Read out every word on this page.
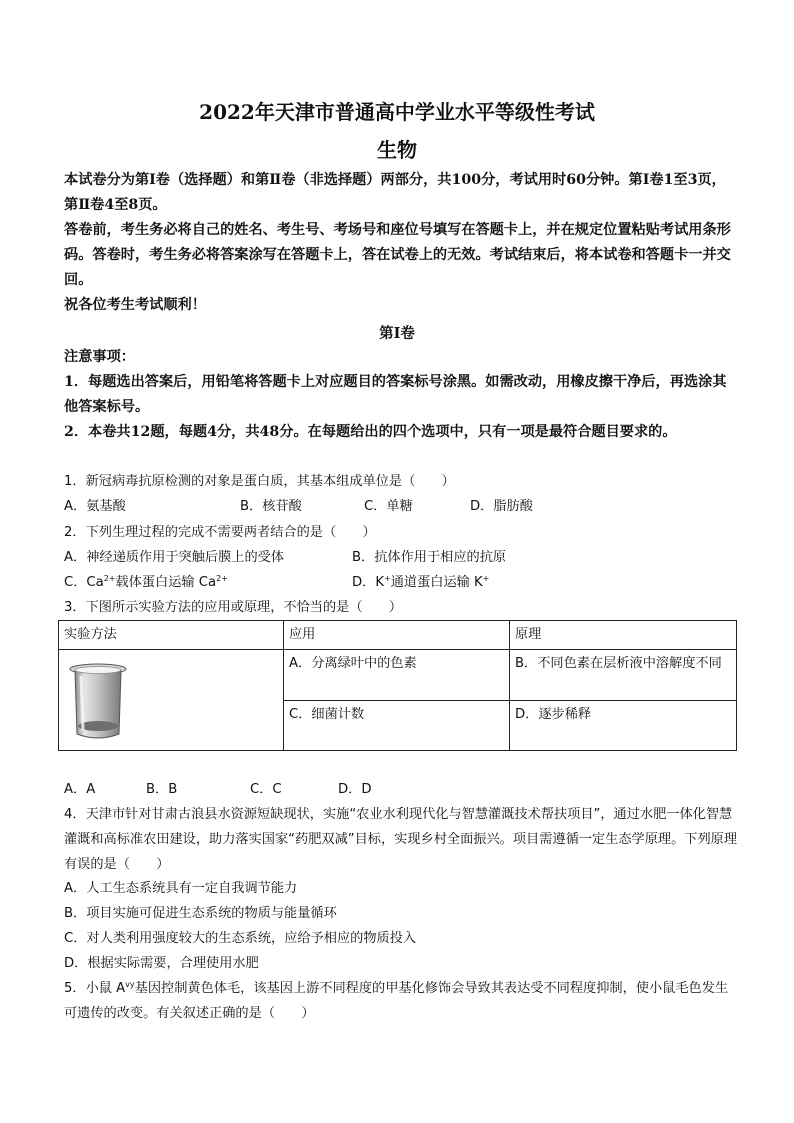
2022年天津市普通高中学业水平等级性考试
生物
本试卷分为第Ⅰ卷（选择题）和第Ⅱ卷（非选择题）两部分，共100分，考试用时60分钟。第Ⅰ卷1至3页，第Ⅱ卷4至8页。
答卷前，考生务必将自己的姓名、考生号、考场号和座位号填写在答题卡上，并在规定位置粘贴考试用条形码。答卷时，考生务必将答案涂写在答题卡上，答在试卷上的无效。考试结束后，将本试卷和答题卡一并交回。
祝各位考生考试顺利！
第Ⅰ卷
注意事项：
1．每题选出答案后，用铅笔将答题卡上对应题目的答案标号涂黑。如需改动，用橡皮擦干净后，再选涂其他答案标号。
2．本卷共12题，每题4分，共48分。在每题给出的四个选项中，只有一项是最符合题目要求的。
1．新冠病毒抗原检测的对象是蛋白质，其基本组成单位是（　　）
A．氨基酸	B．核苷酸	C．单糖	D．脂肪酸
2．下列生理过程的完成不需要两者结合的是（　　）
A．神经递质作用于突触后膜上的受体	B．抗体作用于相应的抗原
C．$Ca^{2+}$载体蛋白运输 $Ca^{2+}$	D．K+通道蛋白运输 K+
3．下图所示实验方法的应用或原理，不恰当的是（　　）
实验方法	应用	原理

	A．分离绿叶中的色素	B．不同色素在层析液中溶解度不同
	C．细菌计数	D．逐步稀释
A．A	B．B	C．C	D．D
4．天津市针对甘肃古浪县水资源短缺现状，实施“农业水利现代化与智慧灌溉技术帮扶项目”，通过水肥一体化智慧灌溉和高标准农田建设，助力落实国家“药肥双减”目标，实现乡村全面振兴。项目需遵循一定生态学原理。下列原理有误的是（　　）
A．人工生态系统具有一定自我调节能力
B．项目实施可促进生态系统的物质与能量循环
C．对人类利用强度较大的生态系统，应给予相应的物质投入
D．根据实际需要，合理使用水肥
5．小鼠 $A^{vy}$基因控制黄色体毛，该基因上游不同程度的甲基化修饰会导致其表达受不同程度抑制，使小鼠毛色发生可遗传的改变。有关叙述正确的是（　　）
